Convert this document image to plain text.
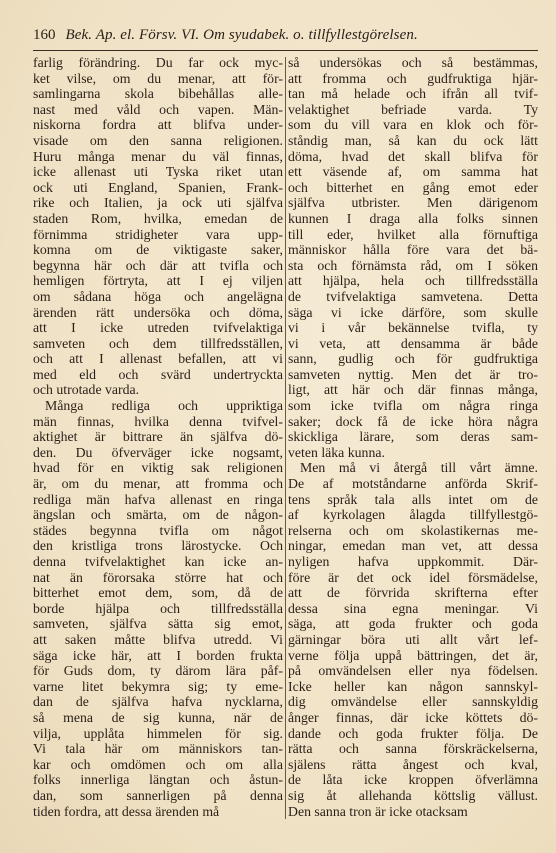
160 Bek. Ap. el. Försv. VI. Om syudabek. o. tillfyllestgörelsen.
farlig förändring. Du far ock myc-
ket vilse, om du menar, att för-
samlingarna skola bibehållas alle-
nast med våld och vapen. Män-
niskorna fordra att blifva under-
visade om den sanna religionen.
Huru många menar du väl finnas,
icke allenast uti Tyska riket utan
ock uti England, Spanien, Frank-
rike och Italien, ja ock uti själfva
staden Rom, hvilka, emedan de
förnimma stridigheter vara upp-
komna om de viktigaste saker,
begynna här och där att tvifla och
hemligen förtryta, att I ej viljen
om sådana höga och angelägna
ärenden rätt undersöka och döma,
att I icke utreden tvifvelaktiga
samveten och dem tillfredsställen,
och att I allenast befallen, att vi
med eld och svärd undertryckta
och utrotade varda.
Många redliga och uppriktiga
män finnas, hvilka denna tvifvel-
aktighet är bittrare än själfva dö-
den. Du öfverväger icke nogsamt,
hvad för en viktig sak religionen
är, om du menar, att fromma och
redliga män hafva allenast en ringa
ängslan och smärta, om de någon-
städes begynna tvifla om något
den kristliga trons lärostycke. Och
denna tvifvelaktighet kan icke an-
nat än förorsaka större hat och
bitterhet emot dem, som, då de
borde hjälpa och tillfredsställa
samveten, själfva sätta sig emot,
att saken måtte blifva utredd. Vi
säga icke här, att I borden frukta
för Guds dom, ty därom lära påf-
varne litet bekymra sig; ty eme-
dan de själfva hafva nycklarna,
så mena de sig kunna, när de
vilja, upplåta himmelen för sig.
Vi tala här om människors tan-
kar och omdömen och om alla
folks innerliga längtan och åstun-
dan, som sannerligen på denna
tiden fordra, att dessa ärenden må
så undersökas och så bestämmas,
att fromma och gudfruktiga hjär-
tan må helade och ifrån all tvif-
velaktighet befriade varda. Ty
som du vill vara en klok och för-
ståndig man, så kan du ock lätt
döma, hvad det skall blifva för
ett väsende af, om samma hat
och bitterhet en gång emot eder
själfva utbrister. Men därigenom
kunnen I draga alla folks sinnen
till eder, hvilket alla förnuftiga
människor hålla före vara det bä-
sta och förnämsta råd, om I söken
att hjälpa, hela och tillfredsställa
de tvifvelaktiga samvetena. Detta
säga vi icke därföre, som skulle
vi i vår bekännelse tvifla, ty
vi veta, att densamma är både
sann, gudlig och för gudfruktiga
samveten nyttig. Men det är tro-
ligt, att här och där finnas många,
som icke tvifla om några ringa
saker; dock få de icke höra några
skickliga lärare, som deras sam-
veten läka kunna.
Men må vi återgå till vårt ämne.
De af motståndarne anförda Skrif-
tens språk tala alls intet om de
af kyrkolagen ålagda tillfyllestgö-
relserna och om skolastikernas me-
ningar, emedan man vet, att dessa
nyligen hafva uppkommit. Där-
före är det ock idel försmädelse,
att de förvrida skrifterna efter
dessa sina egna meningar. Vi
säga, att goda frukter och goda
gärningar böra uti allt vårt lef-
verne följa uppå bättringen, det är,
på omvändelsen eller nya födelsen.
Icke heller kan någon sannskyl-
dig omvändelse eller sannskyldig
ånger finnas, där icke köttets dö-
dande och goda frukter följa. De
rätta och sanna förskräckelserna,
själens rätta ångest och kval,
de låta icke kroppen öfverlämna
sig åt allehanda köttslig vällust.
Den sanna tron är icke otacksam
